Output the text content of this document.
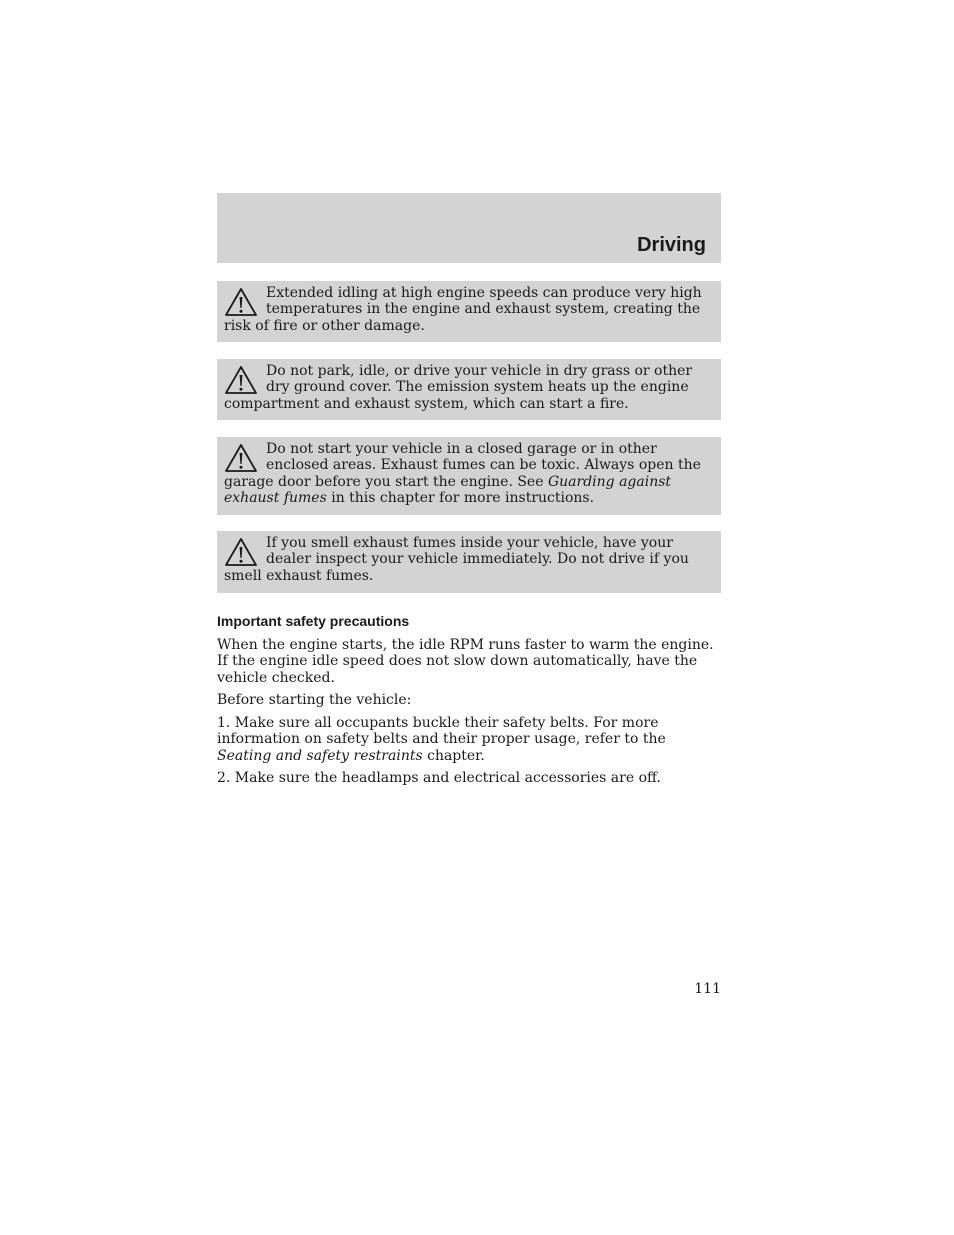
Driving
Extended idling at high engine speeds can produce very high temperatures in the engine and exhaust system, creating the risk of fire or other damage.
Do not park, idle, or drive your vehicle in dry grass or other dry ground cover. The emission system heats up the engine compartment and exhaust system, which can start a fire.
Do not start your vehicle in a closed garage or in other enclosed areas. Exhaust fumes can be toxic. Always open the garage door before you start the engine. See Guarding against exhaust fumes in this chapter for more instructions.
If you smell exhaust fumes inside your vehicle, have your dealer inspect your vehicle immediately. Do not drive if you smell exhaust fumes.
Important safety precautions

When the engine starts, the idle RPM runs faster to warm the engine. If the engine idle speed does not slow down automatically, have the vehicle checked.

Before starting the vehicle:

1. Make sure all occupants buckle their safety belts. For more information on safety belts and their proper usage, refer to the Seating and safety restraints chapter.

2. Make sure the headlamps and electrical accessories are off.

111
